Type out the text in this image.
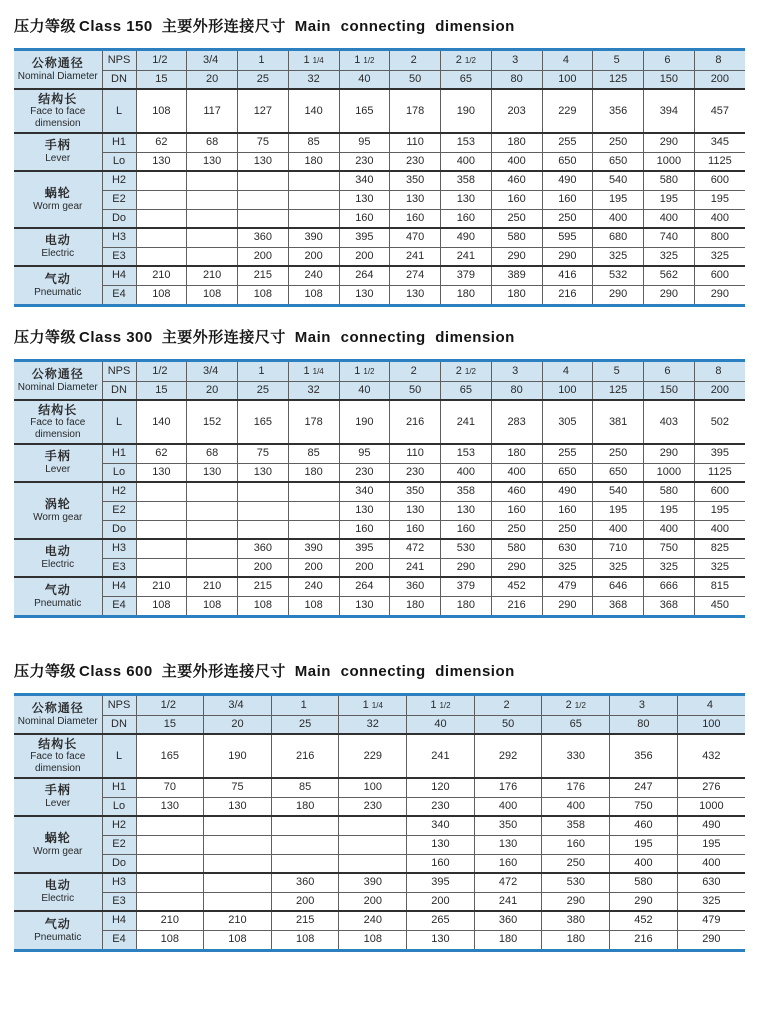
压力等级 Class 150 主要外形连接尺寸 Main connecting dimension
公称通径
Nominal Diameter	NPS	1/2	3/4	1	1 1/4	1 1/2	2	2 1/2	3	4	5	6	8
	DN	15	20	25	32	40	50	65	80	100	125	150	200

结构长
Face to face dimension	L	108	117	127	140	165	178	190	203	229	356	394	457

手柄
Lever	H1	62	68	75	85	95	110	153	180	255	250	290	345
	Lo	130	130	130	180	230	230	400	400	650	650	1000	1125

蜗轮
Worm gear	H2					340	350	358	460	490	540	580	600
	E2					130	130	130	160	160	195	195	195
	Do					160	160	160	250	250	400	400	400

电动
Electric	H3			360	390	395	470	490	580	595	680	740	800
	E3			200	200	200	241	241	290	290	325	325	325

气动
Pneumatic	H4	210	210	215	240	264	274	379	389	416	532	562	600
	E4	108	108	108	108	130	130	180	180	216	290	290	290
压力等级 Class 300 主要外形连接尺寸 Main connecting dimension
公称通径
Nominal Diameter	NPS	1/2	3/4	1	1 1/4	1 1/2	2	2 1/2	3	4	5	6	8
	DN	15	20	25	32	40	50	65	80	100	125	150	200

结构长
Face to face dimension	L	140	152	165	178	190	216	241	283	305	381	403	502

手柄
Lever	H1	62	68	75	85	95	110	153	180	255	250	290	395
	Lo	130	130	130	180	230	230	400	400	650	650	1000	1125

涡轮
Worm gear	H2					340	350	358	460	490	540	580	600
	E2					130	130	130	160	160	195	195	195
	Do					160	160	160	250	250	400	400	400

电动
Electric	H3			360	390	395	472	530	580	630	710	750	825
	E3			200	200	200	241	290	290	325	325	325	325

气动
Pneumatic	H4	210	210	215	240	264	360	379	452	479	646	666	815
	E4	108	108	108	108	130	180	180	216	290	368	368	450
压力等级 Class 600 主要外形连接尺寸 Main connecting dimension
公称通径
Nominal Diameter	NPS	1/2	3/4	1	1 1/4	1 1/2	2	2 1/2	3	4
	DN	15	20	25	32	40	50	65	80	100

结构长
Face to face dimension	L	165	190	216	229	241	292	330	356	432

手柄
Lever	H1	70	75	85	100	120	176	176	247	276
	Lo	130	130	180	230	230	400	400	750	1000

蜗轮
Worm gear	H2					340	350	358	460	490
	E2					130	130	160	195	195
	Do					160	160	250	400	400

电动
Electric	H3			360	390	395	472	530	580	630
	E3			200	200	200	241	290	290	325

气动
Pneumatic	H4	210	210	215	240	265	360	380	452	479
	E4	108	108	108	108	130	180	180	216	290
